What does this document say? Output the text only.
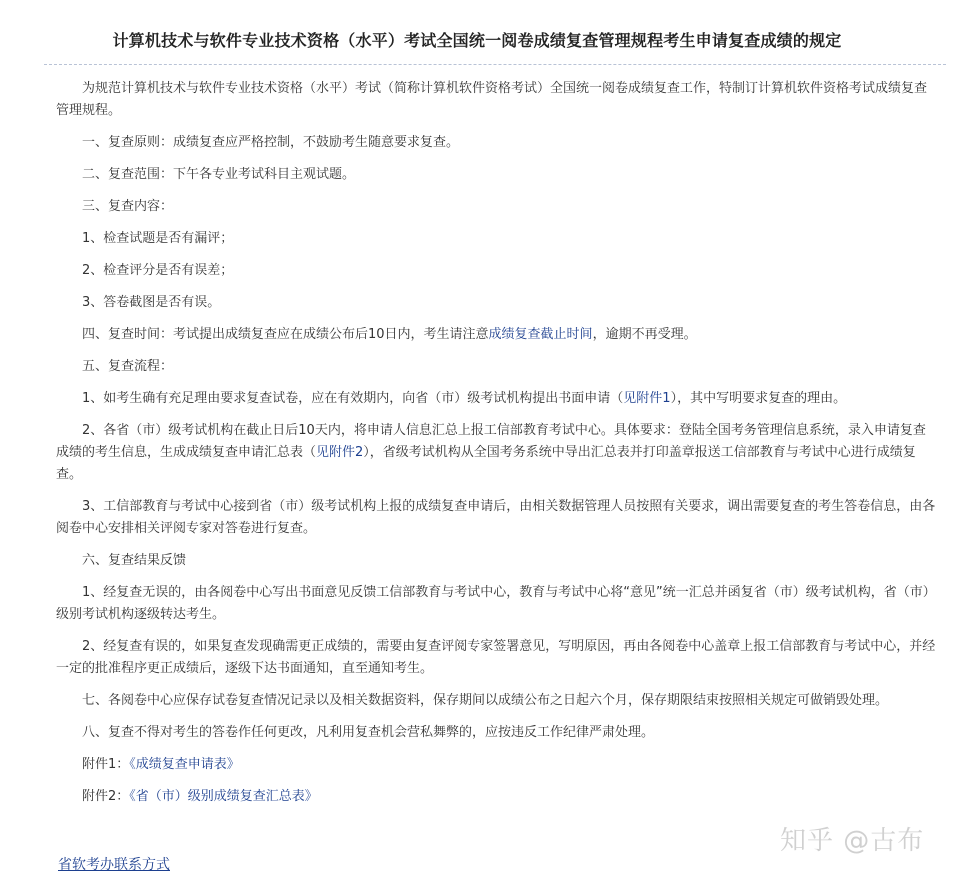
计算机技术与软件专业技术资格（水平）考试全国统一阅卷成绩复查管理规程考生申请复查成绩的规定

为规范计算机技术与软件专业技术资格（水平）考试（简称计算机软件资格考试）全国统一阅卷成绩复查工作，特制订计算机软件资格考试成绩复查管理规程。

一、复查原则：成绩复查应严格控制，不鼓励考生随意要求复查。

二、复查范围：下午各专业考试科目主观试题。

三、复查内容：

1、检查试题是否有漏评；

2、检查评分是否有误差；

3、答卷截图是否有误。

四、复查时间：考试提出成绩复查应在成绩公布后10日内，考生请注意成绩复查截止时间，逾期不再受理。

五、复查流程：

1、如考生确有充足理由要求复查试卷，应在有效期内，向省（市）级考试机构提出书面申请（见附件1），其中写明要求复查的理由。

2、各省（市）级考试机构在截止日后10天内，将申请人信息汇总上报工信部教育考试中心。具体要求：登陆全国考务管理信息系统，录入申请复查成绩的考生信息，生成成绩复查申请汇总表（见附件2），省级考试机构从全国考务系统中导出汇总表并打印盖章报送工信部教育与考试中心进行成绩复查。

3、工信部教育与考试中心接到省（市）级考试机构上报的成绩复查申请后，由相关数据管理人员按照有关要求，调出需要复查的考生答卷信息，由各阅卷中心安排相关评阅专家对答卷进行复查。

六、复查结果反馈

1、经复查无误的，由各阅卷中心写出书面意见反馈工信部教育与考试中心，教育与考试中心将“意见”统一汇总并函复省（市）级考试机构，省（市）级别考试机构逐级转达考生。

2、经复查有误的，如果复查发现确需更正成绩的，需要由复查评阅专家签署意见，写明原因，再由各阅卷中心盖章上报工信部教育与考试中心，并经一定的批准程序更正成绩后，逐级下达书面通知，直至通知考生。

七、各阅卷中心应保存试卷复查情况记录以及相关数据资料，保存期间以成绩公布之日起六个月，保存期限结束按照相关规定可做销毁处理。

八、复查不得对考生的答卷作任何更改，凡利用复查机会营私舞弊的，应按违反工作纪律严肃处理。

附件1：《成绩复查申请表》

附件2：《省（市）级别成绩复查汇总表》

知乎 @古布
省软考办联系方式
